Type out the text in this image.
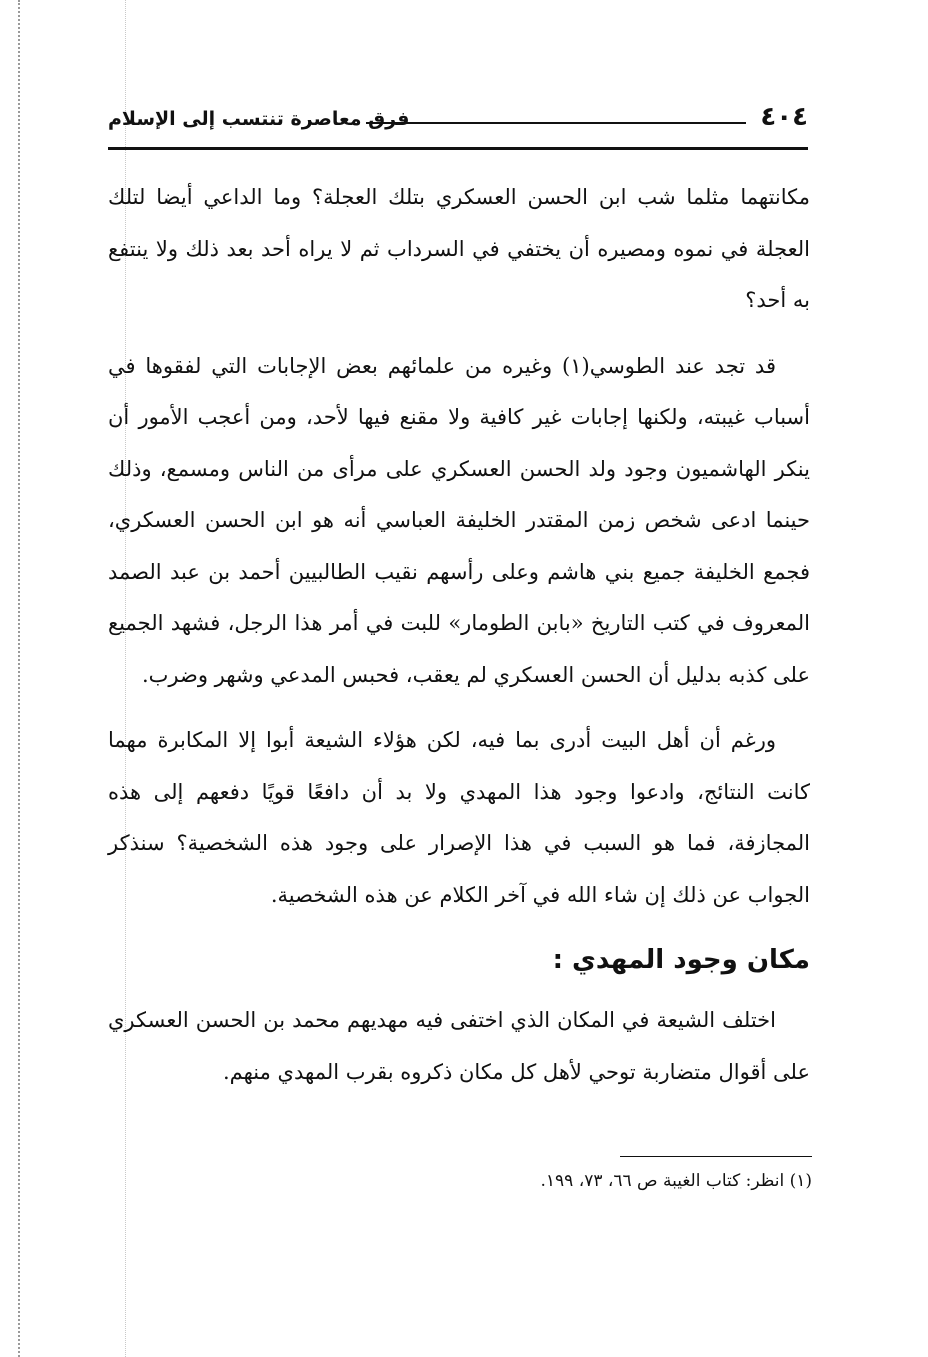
٤٠٤
فرق معاصرة تنتسب إلى الإسلام

مكانتهما مثلما شب ابن الحسن العسكري بتلك العجلة؟ وما الداعي أيضا لتلك العجلة في نموه ومصيره أن يختفي في السرداب ثم لا يراه أحد بعد ذلك ولا ينتفع به أحد؟

قد تجد عند الطوسي(١) وغيره من علمائهم بعض الإجابات التي لفقوها في أسباب غيبته، ولكنها إجابات غير كافية ولا مقنع فيها لأحد، ومن أعجب الأمور أن ينكر الهاشميون وجود ولد الحسن العسكري على مرأى من الناس ومسمع، وذلك حينما ادعى شخص زمن المقتدر الخليفة العباسي أنه هو ابن الحسن العسكري، فجمع الخليفة جميع بني هاشم وعلى رأسهم نقيب الطالبيين أحمد بن عبد الصمد المعروف في كتب التاريخ «بابن الطومار» للبت في أمر هذا الرجل، فشهد الجميع على كذبه بدليل أن الحسن العسكري لم يعقب، فحبس المدعي وشهر وضرب.

ورغم أن أهل البيت أدرى بما فيه، لكن هؤلاء الشيعة أبوا إلا المكابرة مهما كانت النتائج، وادعوا وجود هذا المهدي ولا بد أن دافعًا قويًا دفعهم إلى هذه المجازفة، فما هو السبب في هذا الإصرار على وجود هذه الشخصية؟ سنذكر الجواب عن ذلك إن شاء الله في آخر الكلام عن هذه الشخصية.

مكان وجود المهدي :

اختلف الشيعة في المكان الذي اختفى فيه مهديهم محمد بن الحسن العسكري على أقوال متضاربة توحي لأهل كل مكان ذكروه بقرب المهدي منهم.

(١) انظر: كتاب الغيبة ص ٦٦، ٧٣، ١٩٩.
